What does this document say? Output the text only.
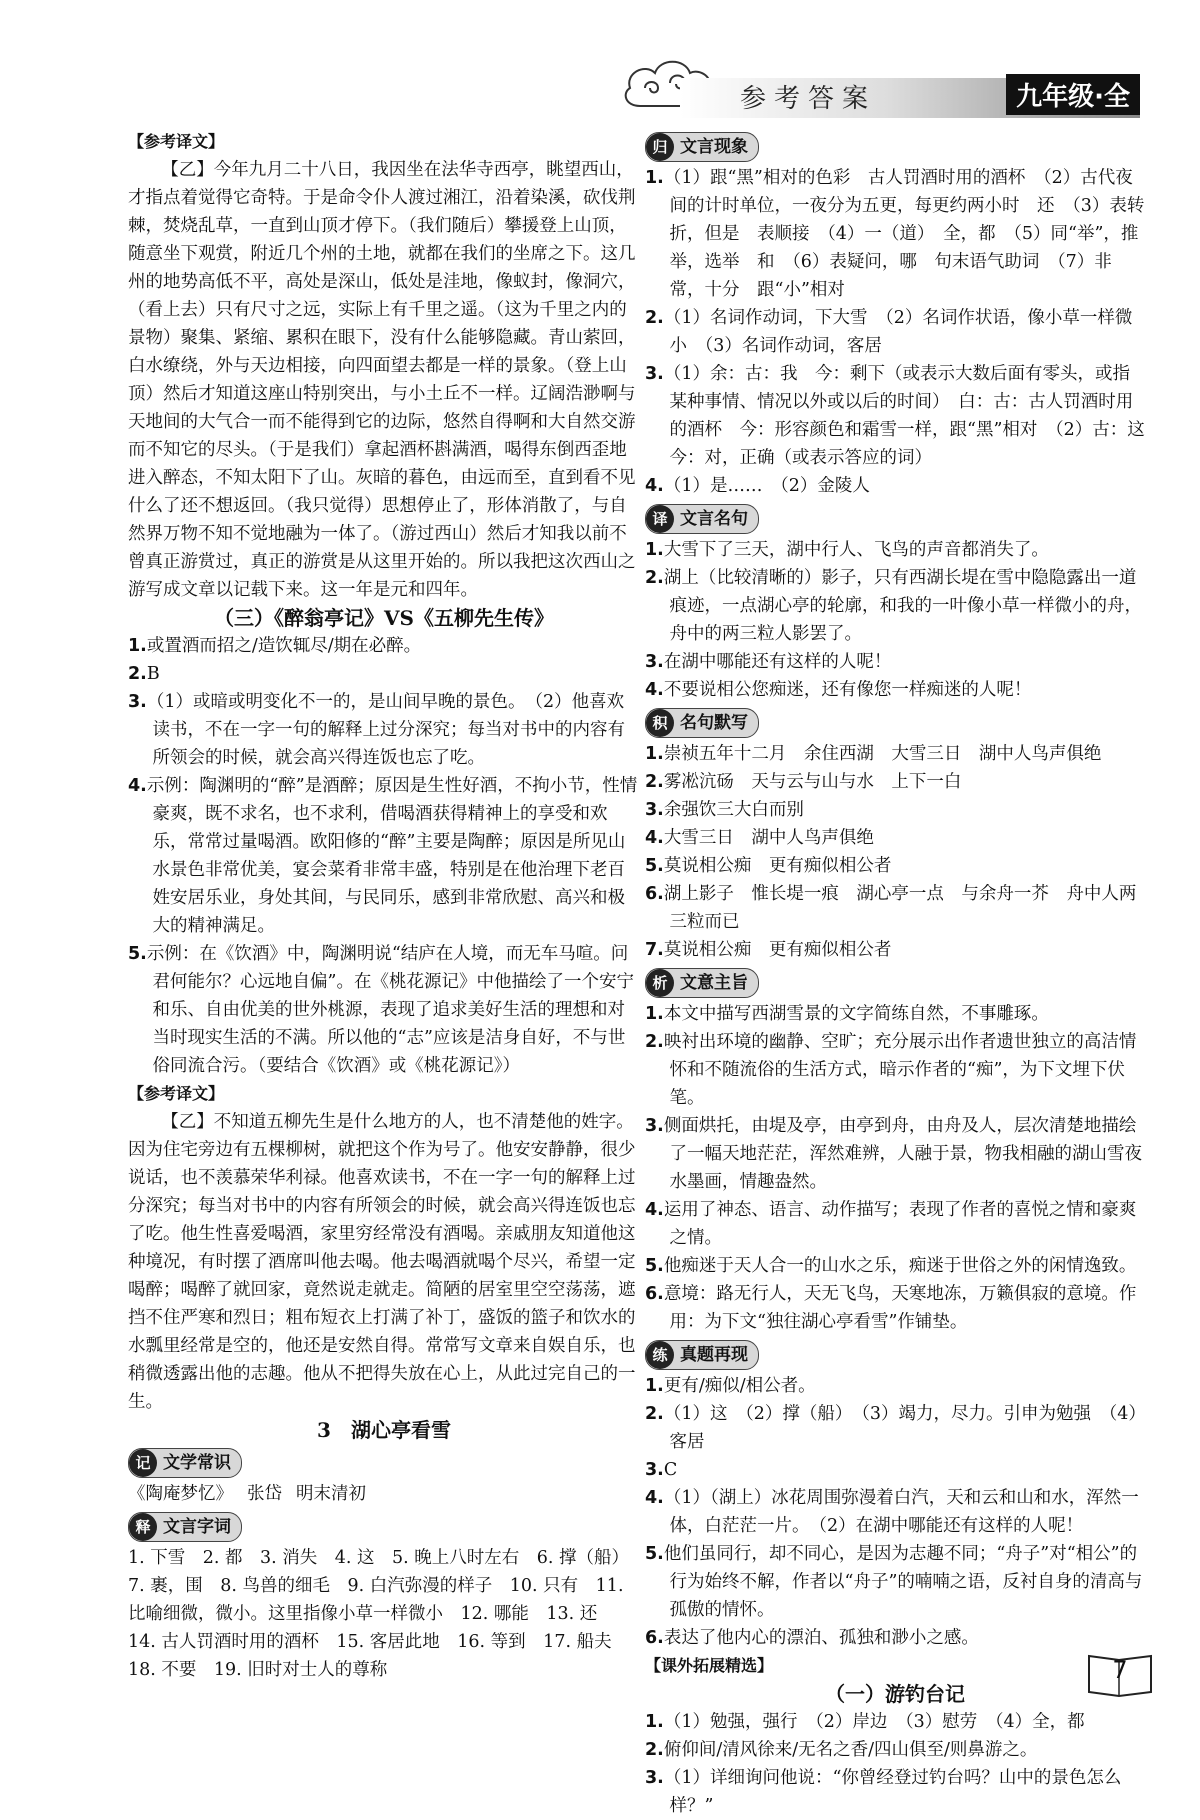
参考答案	九年级·全

【参考译文】

【乙】今年九月二十八日，我因坐在法华寺西亭，眺望西山，才指点着觉得它奇特。于是命令仆人渡过湘江，沿着染溪，砍伐荆棘，焚烧乱草，一直到山顶才停下。（我们随后）攀援登上山顶，随意坐下观赏，附近几个州的土地，就都在我们的坐席之下。这几州的地势高低不平，高处是深山，低处是洼地，像蚁封，像洞穴，（看上去）只有尺寸之远，实际上有千里之遥。（这为千里之内的景物）聚集、紧缩、累积在眼下，没有什么能够隐藏。青山萦回，白水缭绕，外与天边相接，向四面望去都是一样的景象。（登上山顶）然后才知道这座山特别突出，与小土丘不一样。辽阔浩渺啊与天地间的大气合一而不能得到它的边际，悠然自得啊和大自然交游而不知它的尽头。（于是我们）拿起酒杯斟满酒，喝得东倒西歪地进入醉态，不知太阳下了山。灰暗的暮色，由远而至，直到看不见什么了还不想返回。（我只觉得）思想停止了，形体消散了，与自然界万物不知不觉地融为一体了。（游过西山）然后才知我以前不曾真正游赏过，真正的游赏是从这里开始的。所以我把这次西山之游写成文章以记载下来。这一年是元和四年。

（三）《醉翁亭记》VS《五柳先生传》

1.或置酒而招之/造饮辄尽/期在必醉。

2.B

3.（1）或暗或明变化不一的，是山间早晚的景色。　（2）他喜欢读书，不在一字一句的解释上过分深究；每当对书中的内容有所领会的时候，就会高兴得连饭也忘了吃。

4.示例：陶渊明的“醉”是酒醉；原因是生性好酒，不拘小节，性情豪爽，既不求名，也不求利，借喝酒获得精神上的享受和欢乐，常常过量喝酒。欧阳修的“醉”主要是陶醉；原因是所见山水景色非常优美，宴会菜肴非常丰盛，特别是在他治理下老百姓安居乐业，身处其间，与民同乐，感到非常欣慰、高兴和极大的精神满足。

5.示例：在《饮酒》中，陶渊明说“结庐在人境，而无车马喧。问君何能尔？心远地自偏”。在《桃花源记》中他描绘了一个安宁和乐、自由优美的世外桃源，表现了追求美好生活的理想和对当时现实生活的不满。所以他的“志”应该是洁身自好，不与世俗同流合污。（要结合《饮酒》或《桃花源记》）

【参考译文】

【乙】不知道五柳先生是什么地方的人，也不清楚他的姓字。因为住宅旁边有五棵柳树，就把这个作为号了。他安安静静，很少说话，也不羡慕荣华利禄。他喜欢读书，不在一字一句的解释上过分深究；每当对书中的内容有所领会的时候，就会高兴得连饭也忘了吃。他生性喜爱喝酒，家里穷经常没有酒喝。亲戚朋友知道他这种境况，有时摆了酒席叫他去喝。他去喝酒就喝个尽兴，希望一定喝醉；喝醉了就回家，竟然说走就走。简陋的居室里空空荡荡，遮挡不住严寒和烈日；粗布短衣上打满了补丁，盛饭的篮子和饮水的水瓢里经常是空的，他还是安然自得。常常写文章来自娱自乐，也稍微透露出他的志趣。他从不把得失放在心上，从此过完自己的一生。

3　湖心亭看雪

记 文学常识

《陶庵梦忆》 张岱 明末清初

释 文言字词

1. 下雪　2. 都　3. 消失　4. 这　5. 晚上八时左右　6. 撑（船）　7. 裹，围　8. 鸟兽的细毛　9. 白汽弥漫的样子　10. 只有　11. 比喻细微，微小。这里指像小草一样微小　12. 哪能　13. 还　14. 古人罚酒时用的酒杯　15. 客居此地　16. 等到　17. 船夫　18. 不要　19. 旧时对士人的尊称

归 文言现象

1.（1）跟“黑”相对的色彩　古人罚酒时用的酒杯　（2）古代夜间的计时单位，一夜分为五更，每更约两小时　还　（3）表转折，但是　表顺接　（4）一（道）　全，都　（5）同“举”，推举，选举　和　（6）表疑问，哪　句末语气助词　（7）非常，十分　跟“小”相对

2.（1）名词作动词，下大雪　（2）名词作状语，像小草一样微小　（3）名词作动词，客居

3.（1）余：古：我　今：剩下（或表示大数后面有零头，或指某种事情、情况以外或以后的时间）　白：古：古人罚酒时用的酒杯　今：形容颜色和霜雪一样，跟“黑”相对　（2）古：这　今：对，正确（或表示答应的词）

4.（1）是……　（2）金陵人

译 文言名句

1.大雪下了三天，湖中行人、飞鸟的声音都消失了。

2.湖上（比较清晰的）影子，只有西湖长堤在雪中隐隐露出一道痕迹，一点湖心亭的轮廓，和我的一叶像小草一样微小的舟，舟中的两三粒人影罢了。

3.在湖中哪能还有这样的人呢！

4.不要说相公您痴迷，还有像您一样痴迷的人呢！

积 名句默写

1.崇祯五年十二月　余住西湖　大雪三日　湖中人鸟声俱绝

2.雾凇沆砀　天与云与山与水　上下一白

3.余强饮三大白而别

4.大雪三日　湖中人鸟声俱绝

5.莫说相公痴　更有痴似相公者

6.湖上影子　惟长堤一痕　湖心亭一点　与余舟一芥　舟中人两三粒而已

7.莫说相公痴　更有痴似相公者

析 文意主旨

1.本文中描写西湖雪景的文字简练自然，不事雕琢。

2.映衬出环境的幽静、空旷；充分展示出作者遗世独立的高洁情怀和不随流俗的生活方式，暗示作者的“痴”，为下文埋下伏笔。

3.侧面烘托，由堤及亭，由亭到舟，由舟及人，层次清楚地描绘了一幅天地茫茫，浑然难辨，人融于景，物我相融的湖山雪夜水墨画，情趣盎然。

4.运用了神态、语言、动作描写；表现了作者的喜悦之情和豪爽之情。

5.他痴迷于天人合一的山水之乐，痴迷于世俗之外的闲情逸致。

6.意境：路无行人，天无飞鸟，天寒地冻，万籁俱寂的意境。作用：为下文“独往湖心亭看雪”作铺垫。

练 真题再现

1.更有/痴似/相公者。

2.（1）这　（2）撑（船）　（3）竭力，尽力。引申为勉强　（4）客居

3.C

4.（1）（湖上）冰花周围弥漫着白汽，天和云和山和水，浑然一体，白茫茫一片。　（2）在湖中哪能还有这样的人呢！

5.他们虽同行，却不同心，是因为志趣不同；“舟子”对“相公”的行为始终不解，作者以“舟子”的喃喃之语，反衬自身的清高与孤傲的情怀。

6.表达了他内心的漂泊、孤独和渺小之感。

【课外拓展精选】

（一）游钓台记

1.（1）勉强，强行　（2）岸边　（3）慰劳　（4）全，都

2.俯仰间/清风徐来/无名之香/四山俱至/则鼻游之。

3.（1）详细询问他说：“你曾经登过钓台吗？山中的景色怎么样？”

7
